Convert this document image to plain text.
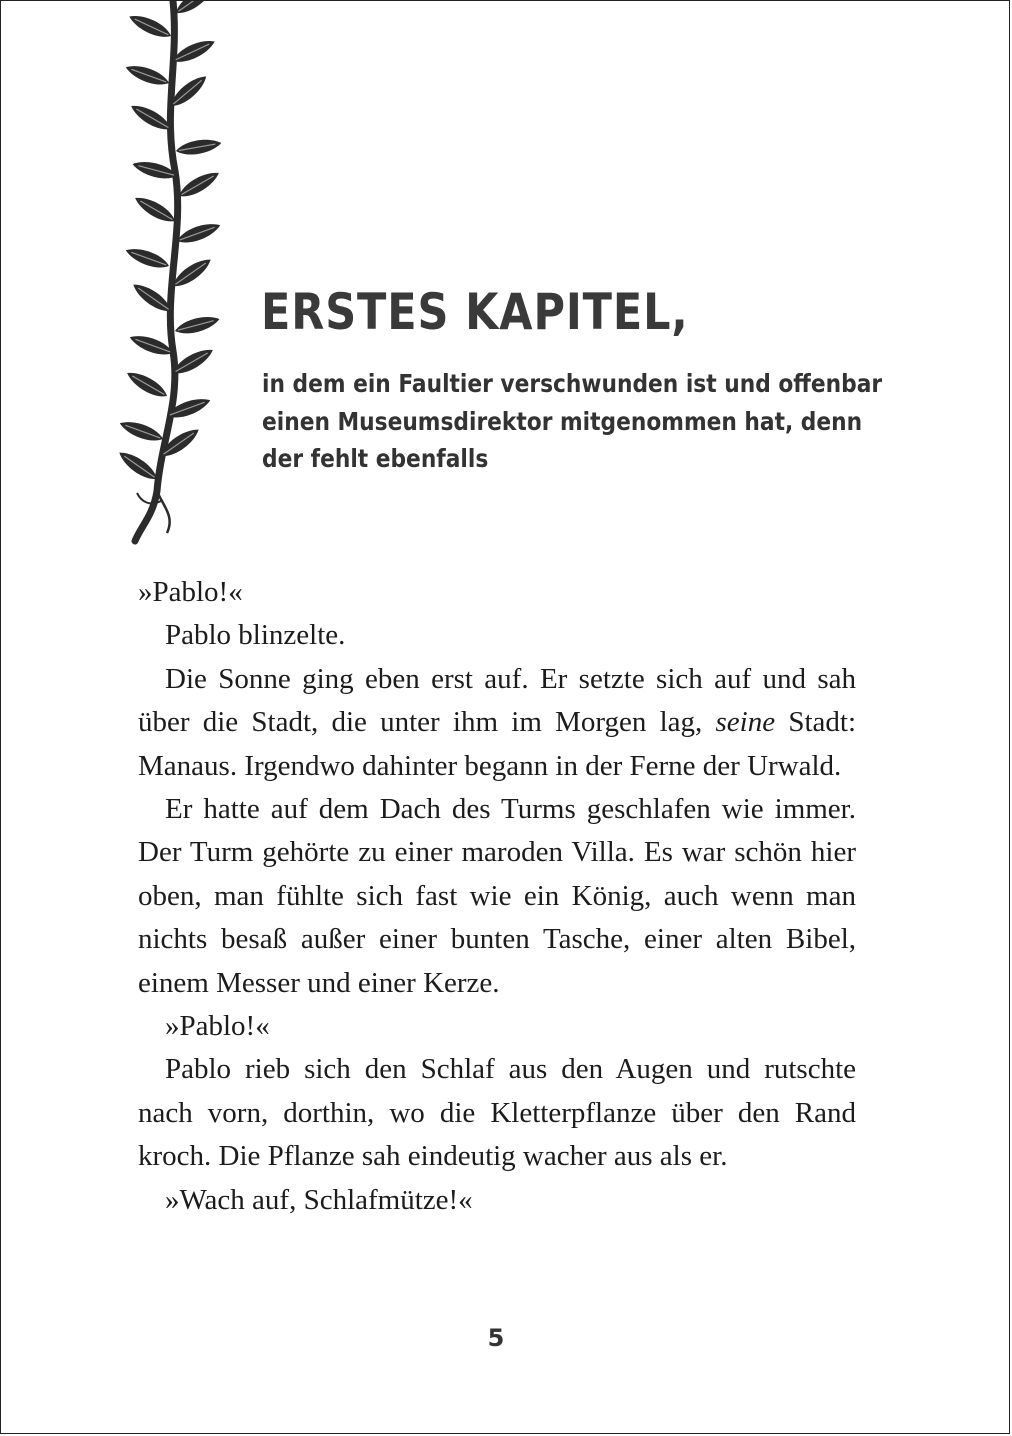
ERSTES KAPITEL,
in dem ein Faultier verschwunden ist und offenbar
einen Museumsdirektor mitgenommen hat, denn
der fehlt ebenfalls

»Pablo!«

Pablo blinzelte.

Die Sonne ging eben erst auf. Er setzte sich auf und sah über die Stadt, die unter ihm im Morgen lag, seine Stadt: Manaus. Irgendwo dahinter begann in der Ferne der Urwald.

Er hatte auf dem Dach des Turms geschlafen wie immer. Der Turm gehörte zu einer maroden Villa. Es war schön hier oben, man fühlte sich fast wie ein König, auch wenn man nichts besaß außer einer bunten Tasche, einer alten Bibel, einem Messer und einer Kerze.

»Pablo!«

Pablo rieb sich den Schlaf aus den Augen und rutschte nach vorn, dorthin, wo die Kletterpflanze über den Rand kroch. Die Pflanze sah eindeutig wacher aus als er.

»Wach auf, Schlafmütze!«

5
